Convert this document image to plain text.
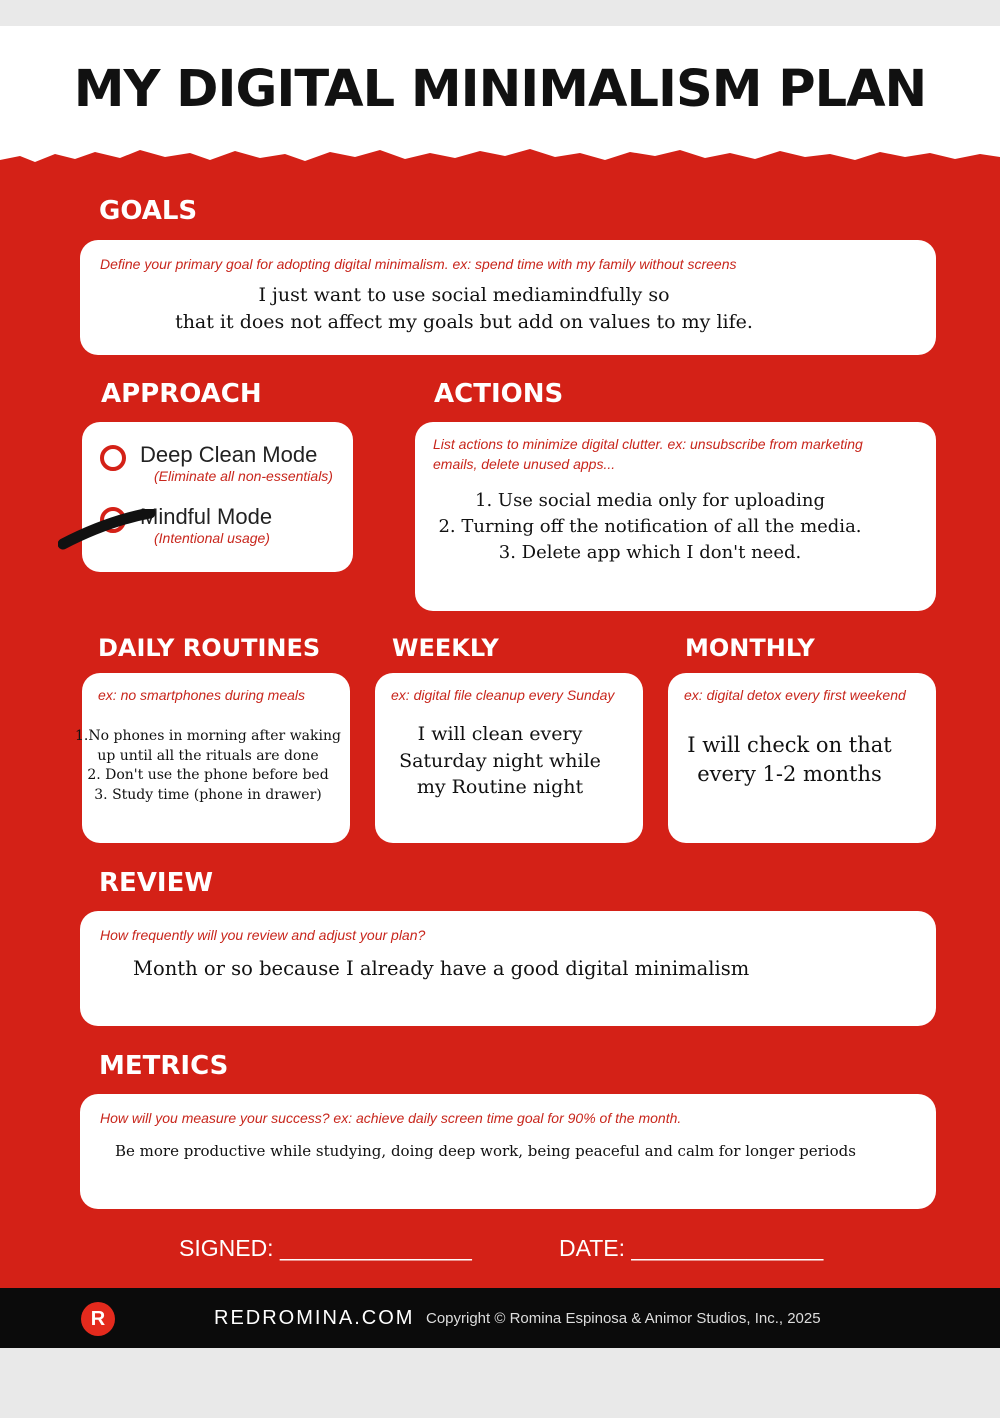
MY DIGITAL MINIMALISM PLAN
GOALS
Define your primary goal for adopting digital minimalism. ex: spend time with my family without screens
I just want to use social mediamindfully so
that it does not affect my goals but add on values to my life.
APPROACH
Deep Clean Mode
(Eliminate all non-essentials)
Mindful Mode
(Intentional usage)
ACTIONS
List actions to minimize digital clutter. ex: unsubscribe from marketing
emails, delete unused apps...
1. Use social media only for uploading
2. Turning off the notification of all the media.
3. Delete app which I don't need.
DAILY ROUTINES	WEEKLY	MONTHLY
ex: no smartphones during meals
1.No phones in morning after waking
up until all the rituals are done
2. Don't use the phone before bed
3. Study time (phone in drawer)
ex: digital file cleanup every Sunday
I will clean every
Saturday night while
my Routine night
ex: digital detox every first weekend
I will check on that
every 1-2 months
REVIEW
How frequently will you review and adjust your plan?
Month or so because I already have a good digital minimalism
METRICS
How will you measure your success? ex: achieve daily screen time goal for 90% of the month.
Be more productive while studying, doing deep work, being peaceful and calm for longer periods
SIGNED: _______________	DATE: _______________
R	REDROMINA.COM Copyright © Romina Espinosa & Animor Studios, Inc., 2025
